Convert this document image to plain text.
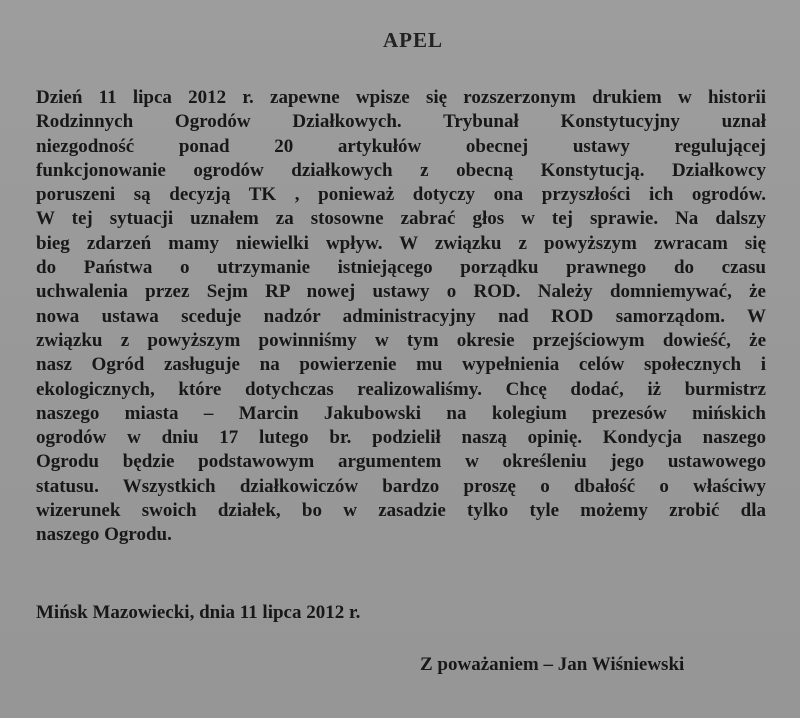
APEL
Dzień 11 lipca 2012 r. zapewne wpisze się rozszerzonym drukiem w historii
Rodzinnych Ogrodów Działkowych. Trybunał Konstytucyjny uznał
niezgodność ponad 20 artykułów obecnej ustawy regulującej
funkcjonowanie ogrodów działkowych z obecną Konstytucją. Działkowcy
poruszeni są decyzją TK , ponieważ dotyczy ona przyszłości ich ogrodów.
W tej sytuacji uznałem za stosowne zabrać głos w tej sprawie. Na dalszy
bieg zdarzeń mamy niewielki wpływ. W związku z powyższym zwracam się
do Państwa o utrzymanie istniejącego porządku prawnego do czasu
uchwalenia przez Sejm RP nowej ustawy o ROD. Należy domniemywać, że
nowa ustawa sceduje nadzór administracyjny nad ROD samorządom. W
związku z powyższym powinniśmy w tym okresie przejściowym dowieść, że
nasz Ogród zasługuje na powierzenie mu wypełnienia celów społecznych i
ekologicznych, które dotychczas realizowaliśmy. Chcę dodać, iż burmistrz
naszego miasta – Marcin Jakubowski na kolegium prezesów mińskich
ogrodów w dniu 17 lutego br. podzielił naszą opinię. Kondycja naszego
Ogrodu będzie podstawowym argumentem w określeniu jego ustawowego
statusu. Wszystkich działkowiczów bardzo proszę o dbałość o właściwy
wizerunek swoich działek, bo w zasadzie tylko tyle możemy zrobić dla
naszego Ogrodu.
Mińsk Mazowiecki, dnia 11 lipca 2012 r.
Z poważaniem – Jan Wiśniewski
